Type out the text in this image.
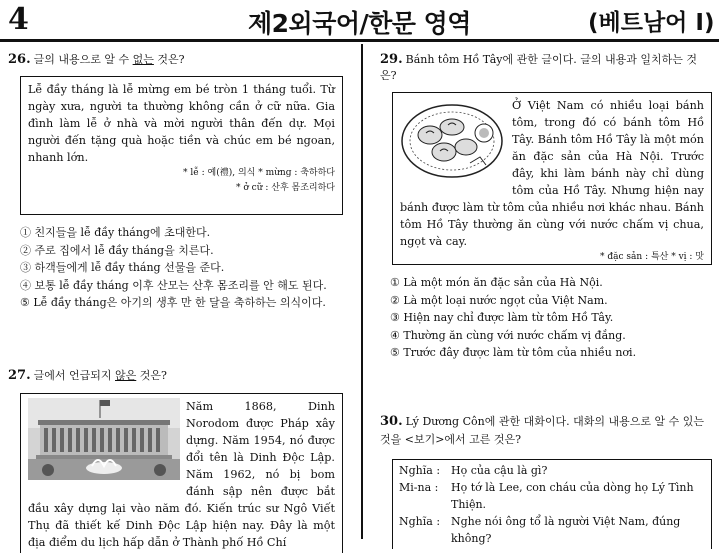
4	제2외국어/한문 영역	(베트남어 I)
26. 글의 내용으로 알 수 없는 것은?
Lễ đầy tháng là lễ mừng em bé tròn 1 tháng tuổi. Từ ngày xưa, người ta thường không cần ở cữ nữa. Gia đình làm lễ ở nhà và mời người thân đến dự. Mọi người đến tặng quà hoặc tiền và chúc em bé ngoan, nhanh lớn.
* lễ : 예(禮), 의식 * mừng : 축하하다
* ở cữ : 산후 몸조리하다
① 친지들을 lễ đầy tháng에 초대한다.
② 주로 집에서 lễ đầy tháng을 치른다.
③ 하객들에게 lễ đầy tháng 선물을 준다.
④ 보통 lễ đầy tháng 이후 산모는 산후 몸조리를 안 해도 된다.
⑤ Lễ đầy tháng은 아기의 생후 만 한 달을 축하하는 의식이다.
27. 글에서 언급되지 않은 것은?
Năm 1868, Dinh Norodom được Pháp xây dựng. Năm 1954, nó được đổi tên là Dinh Độc Lập. Năm 1962, nó bị bom đánh sập nên được bắt đầu xây dựng lại vào năm đó. Kiến trúc sư Ngô Viết Thụ đã thiết kế Dinh Độc Lập hiện nay. Đây là một địa điểm du lịch hấp dẫn ở Thành phố Hồ Chí
29. Bánh tôm Hồ Tây에 관한 글이다. 글의 내용과 일치하는 것은?
Ở Việt Nam có nhiều loại bánh tôm, trong đó có bánh tôm Hồ Tây. Bánh tôm Hồ Tây là một món ăn đặc sản của Hà Nội. Trước đây, khi làm bánh này chỉ dùng tôm của Hồ Tây. Nhưng hiện nay bánh được làm từ tôm của nhiều nơi khác nhau. Bánh tôm Hồ Tây thường ăn cùng với nước chấm vị chua, ngọt và cay.
* đặc sản : 특산 * vị : 맛
① Là một món ăn đặc sản của Hà Nội.
② Là một loại nước ngọt của Việt Nam.
③ Hiện nay chỉ được làm từ tôm Hồ Tây.
④ Thường ăn cùng với nước chấm vị đắng.
⑤ Trước đây được làm từ tôm của nhiều nơi.
30. Lý Dương Côn에 관한 대화이다. 대화의 내용으로 알 수 있는 것을 <보기>에서 고른 것은?
Nghĩa : Họ của cậu là gì?
Mi-na :	Họ tớ là Lee, con cháu của dòng họ Lý Tình Thiện.
Nghĩa : Nghe nói ông tổ là người Việt Nam, đúng không?
